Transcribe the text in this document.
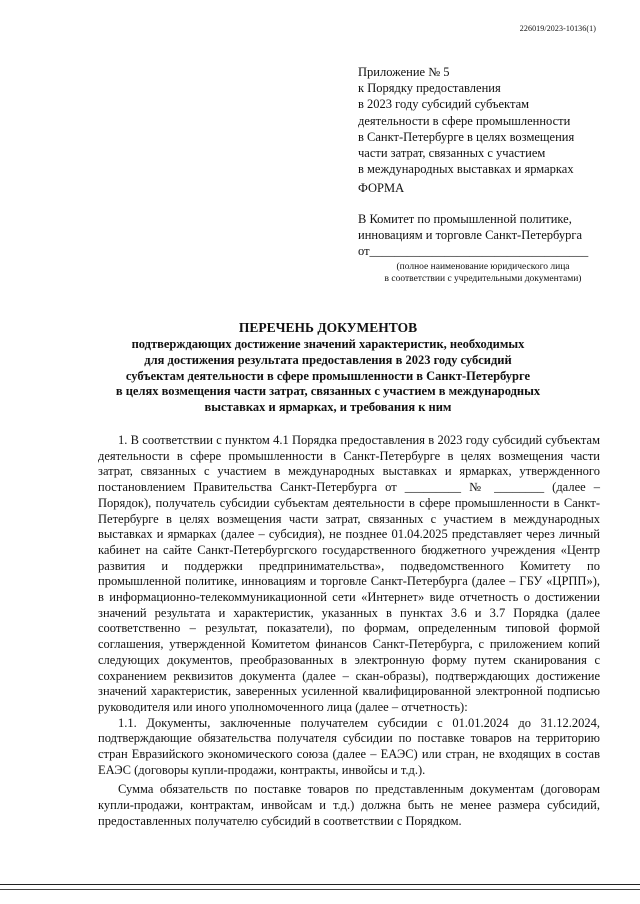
226019/2023-10136(1)
Приложение № 5
к Порядку предоставления
в 2023 году субсидий субъектам
деятельности в сфере промышленности
в Санкт-Петербурге в целях возмещения
части затрат, связанных с участием
в международных выставках и ярмарках
ФОРМА
В Комитет по промышленной политике,
инновациям и торговле Санкт-Петербурга
от___________________________________
(полное наименование юридического лица
в соответствии с учредительными документами)
ПЕРЕЧЕНЬ ДОКУМЕНТОВ
подтверждающих достижение значений характеристик, необходимых
для достижения результата предоставления в 2023 году субсидий
субъектам деятельности в сфере промышленности в Санкт-Петербурге
в целях возмещения части затрат, связанных с участием в международных
выставках и ярмарках, и требования к ним

1. В соответствии с пунктом 4.1 Порядка предоставления в 2023 году субсидий субъектам деятельности в сфере промышленности в Санкт-Петербурге в целях возмещения части затрат, связанных с участием в международных выставках и ярмарках, утвержденного постановлением Правительства Санкт-Петербурга от _________ № ________ (далее – Порядок), получатель субсидии субъектам деятельности в сфере промышленности в Санкт-Петербурге в целях возмещения части затрат, связанных с участием в международных выставках и ярмарках (далее – субсидия), не позднее 01.04.2025 представляет через личный кабинет на сайте Санкт-Петербургского государственного бюджетного учреждения «Центр развития и поддержки предпринимательства», подведомственного Комитету по промышленной политике, инновациям и торговле Санкт-Петербурга (далее – ГБУ «ЦРПП»), в информационно-телекоммуникационной сети «Интернет» виде отчетность о достижении значений результата и характеристик, указанных в пунктах 3.6 и 3.7 Порядка (далее соответственно – результат, показатели), по формам, определенным типовой формой соглашения, утвержденной Комитетом финансов Санкт-Петербурга, с приложением копий следующих документов, преобразованных в электронную форму путем сканирования с сохранением реквизитов документа (далее – скан-образы), подтверждающих достижение значений характеристик, заверенных усиленной квалифицированной электронной подписью руководителя или иного уполномоченного лица (далее – отчетность):

1.1. Документы, заключенные получателем субсидии с 01.01.2024 до 31.12.2024, подтверждающие обязательства получателя субсидии по поставке товаров на территорию стран Евразийского экономического союза (далее – ЕАЭС) или стран, не входящих в состав ЕАЭС (договоры купли-продажи, контракты, инвойсы и т.д.).

Сумма обязательств по поставке товаров по представленным документам (договорам купли-продажи, контрактам, инвойсам и т.д.) должна быть не менее размера субсидий, предоставленных получателю субсидий в соответствии с Порядком.
